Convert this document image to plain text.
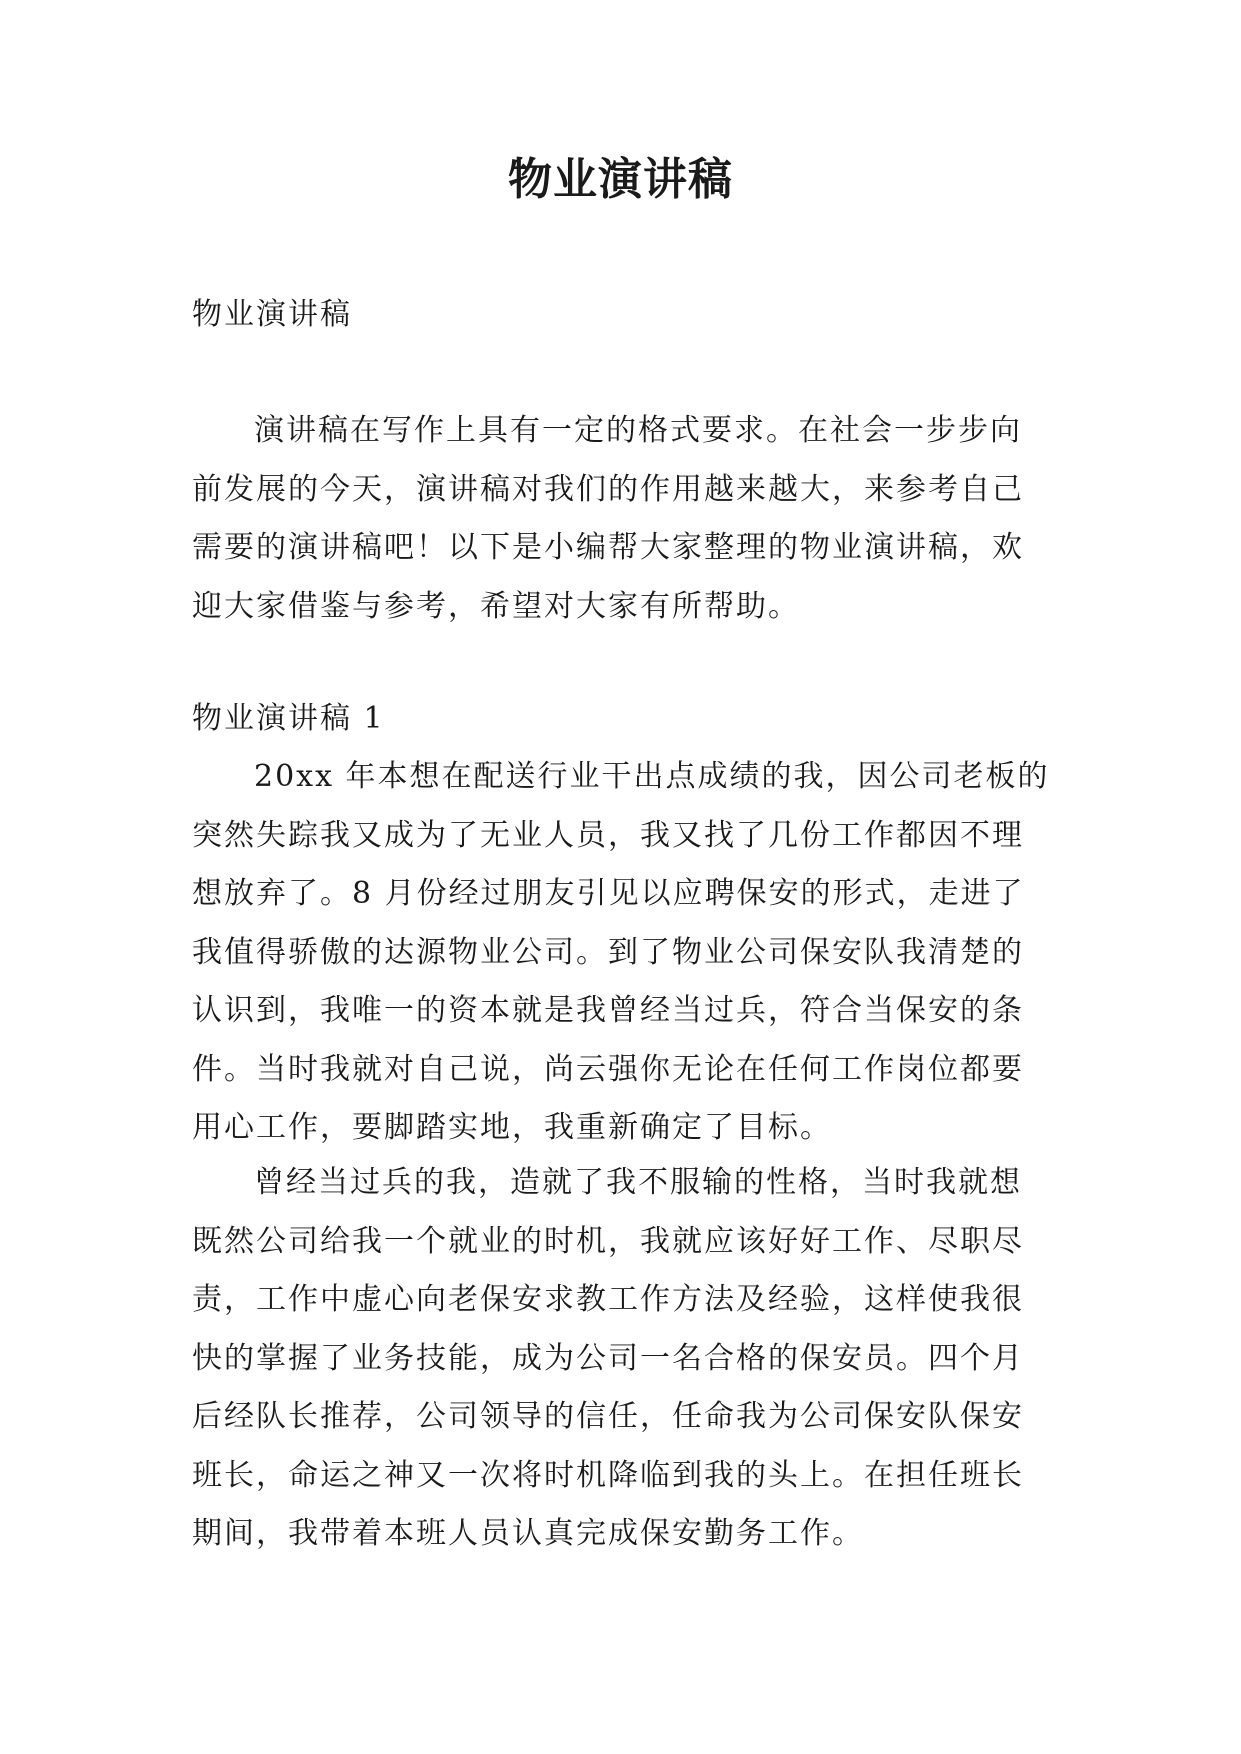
物业演讲稿

物业演讲稿

演讲稿在写作上具有一定的格式要求。在社会一步步向前发展的今天，演讲稿对我们的作用越来越大，来参考自己需要的演讲稿吧！以下是小编帮大家整理的物业演讲稿，欢迎大家借鉴与参考，希望对大家有所帮助。

物业演讲稿 1

20xx 年本想在配送行业干出点成绩的我，因公司老板的突然失踪我又成为了无业人员，我又找了几份工作都因不理想放弃了。8 月份经过朋友引见以应聘保安的形式，走进了我值得骄傲的达源物业公司。到了物业公司保安队我清楚的认识到，我唯一的资本就是我曾经当过兵，符合当保安的条件。当时我就对自己说，尚云强你无论在任何工作岗位都要用心工作，要脚踏实地，我重新确定了目标。

曾经当过兵的我，造就了我不服输的性格，当时我就想既然公司给我一个就业的时机，我就应该好好工作、尽职尽责，工作中虚心向老保安求教工作方法及经验，这样使我很快的掌握了业务技能，成为公司一名合格的保安员。四个月后经队长推荐，公司领导的信任，任命我为公司保安队保安班长，命运之神又一次将时机降临到我的头上。在担任班长期间，我带着本班人员认真完成保安勤务工作。
